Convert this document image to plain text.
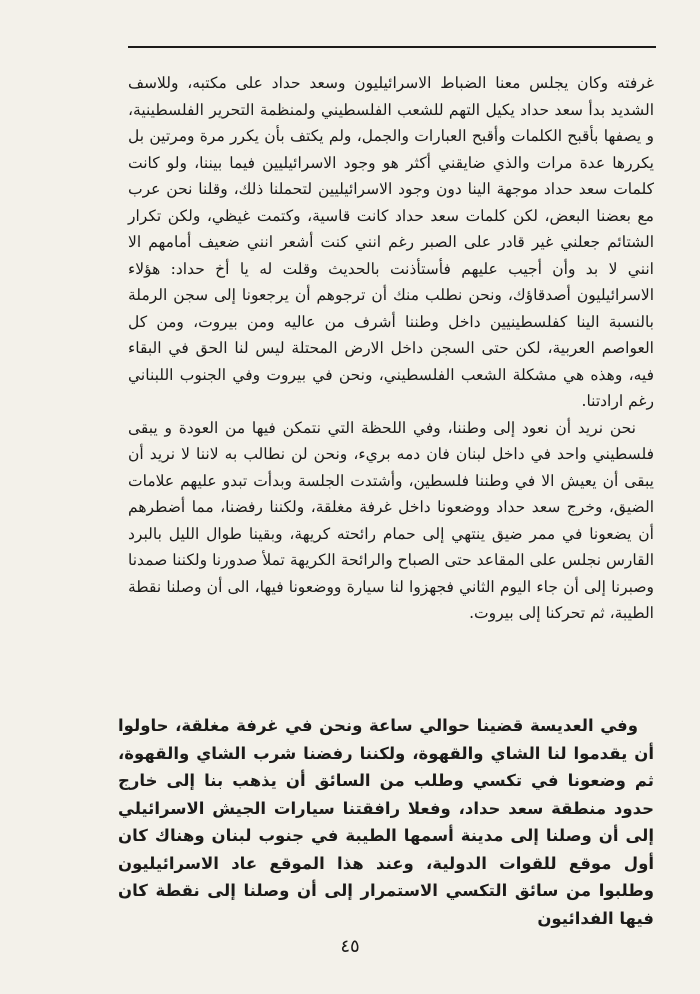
غرفته وكان يجلس معنا الضباط الاسرائيليون وسعد حداد على مكتبه، وللاسف الشديد بدأ سعد حداد يكيل التهم للشعب الفلسطيني ولمنظمة التحرير الفلسطينية، و يصفها بأقبح الكلمات وأقبح العبارات والجمل، ولم يكتف بأن يكرر مرة ومرتين بل يكررها عدة مرات والذي ضايقني أكثر هو وجود الاسرائيليين فيما بيننا، ولو كانت كلمات سعد حداد موجهة الينا دون وجود الاسرائيليين لتحملنا ذلك، وقلنا نحن عرب مع بعضنا البعض، لكن كلمات سعد حداد كانت قاسية، وكتمت غيظي، ولكن تكرار الشتائم جعلني غير قادر على الصبر رغم انني كنت أشعر انني ضعيف أمامهم الا انني لا بد وأن أجيب عليهم فأستأذنت بالحديث وقلت له يا أخ حداد: هؤلاء الاسرائيليون أصدقاؤك، ونحن نطلب منك أن ترجوهم أن يرجعونا إلى سجن الرملة بالنسبة الينا كفلسطينيين داخل وطننا أشرف من عاليه ومن بيروت، ومن كل العواصم العربية، لكن حتى السجن داخل الارض المحتلة ليس لنا الحق في البقاء فيه، وهذه هي مشكلة الشعب الفلسطيني، ونحن في بيروت وفي الجنوب اللبناني رغم ارادتنا.

نحن نريد أن نعود إلى وطننا، وفي اللحظة التي نتمكن فيها من العودة و يبقى فلسطيني واحد في داخل لبنان فان دمه بريء، ونحن لن نطالب به لاننا لا نريد أن يبقى أن يعيش الا في وطننا فلسطين، وأشتدت الجلسة وبدأت تبدو عليهم علامات الضيق، وخرج سعد حداد ووضعونا داخل غرفة مغلقة، ولكننا رفضنا، مما أضطرهم أن يضعونا في ممر ضيق ينتهي إلى حمام رائحته كريهة، وبقينا طوال الليل بالبرد القارس نجلس على المقاعد حتى الصباح والرائحة الكريهة تملأ صدورنا ولكننا صمدنا وصبرنا إلى أن جاء اليوم الثاني فجهزوا لنا سيارة ووضعونا فيها، الى أن وصلنا نقطة الطيبة، ثم تحركنا إلى بيروت.

وفي العديسة قضينا حوالي ساعة ونحن في غرفة مغلقة، حاولوا أن يقدموا لنا الشاي والقهوة، ولكننا رفضنا شرب الشاي والقهوة، ثم وضعونا في تكسي وطلب من السائق أن يذهب بنا إلى خارج حدود منطقة سعد حداد، وفعلا رافقتنا سيارات الجيش الاسرائيلي إلى أن وصلنا إلى مدينة أسمها الطيبة في جنوب لبنان وهناك كان أول موقع للقوات الدولية، وعند هذا الموقع عاد الاسرائيليون وطلبوا من سائق التكسي الاستمرار إلى أن وصلنا إلى نقطة كان فيها الفدائيون

٤٥
